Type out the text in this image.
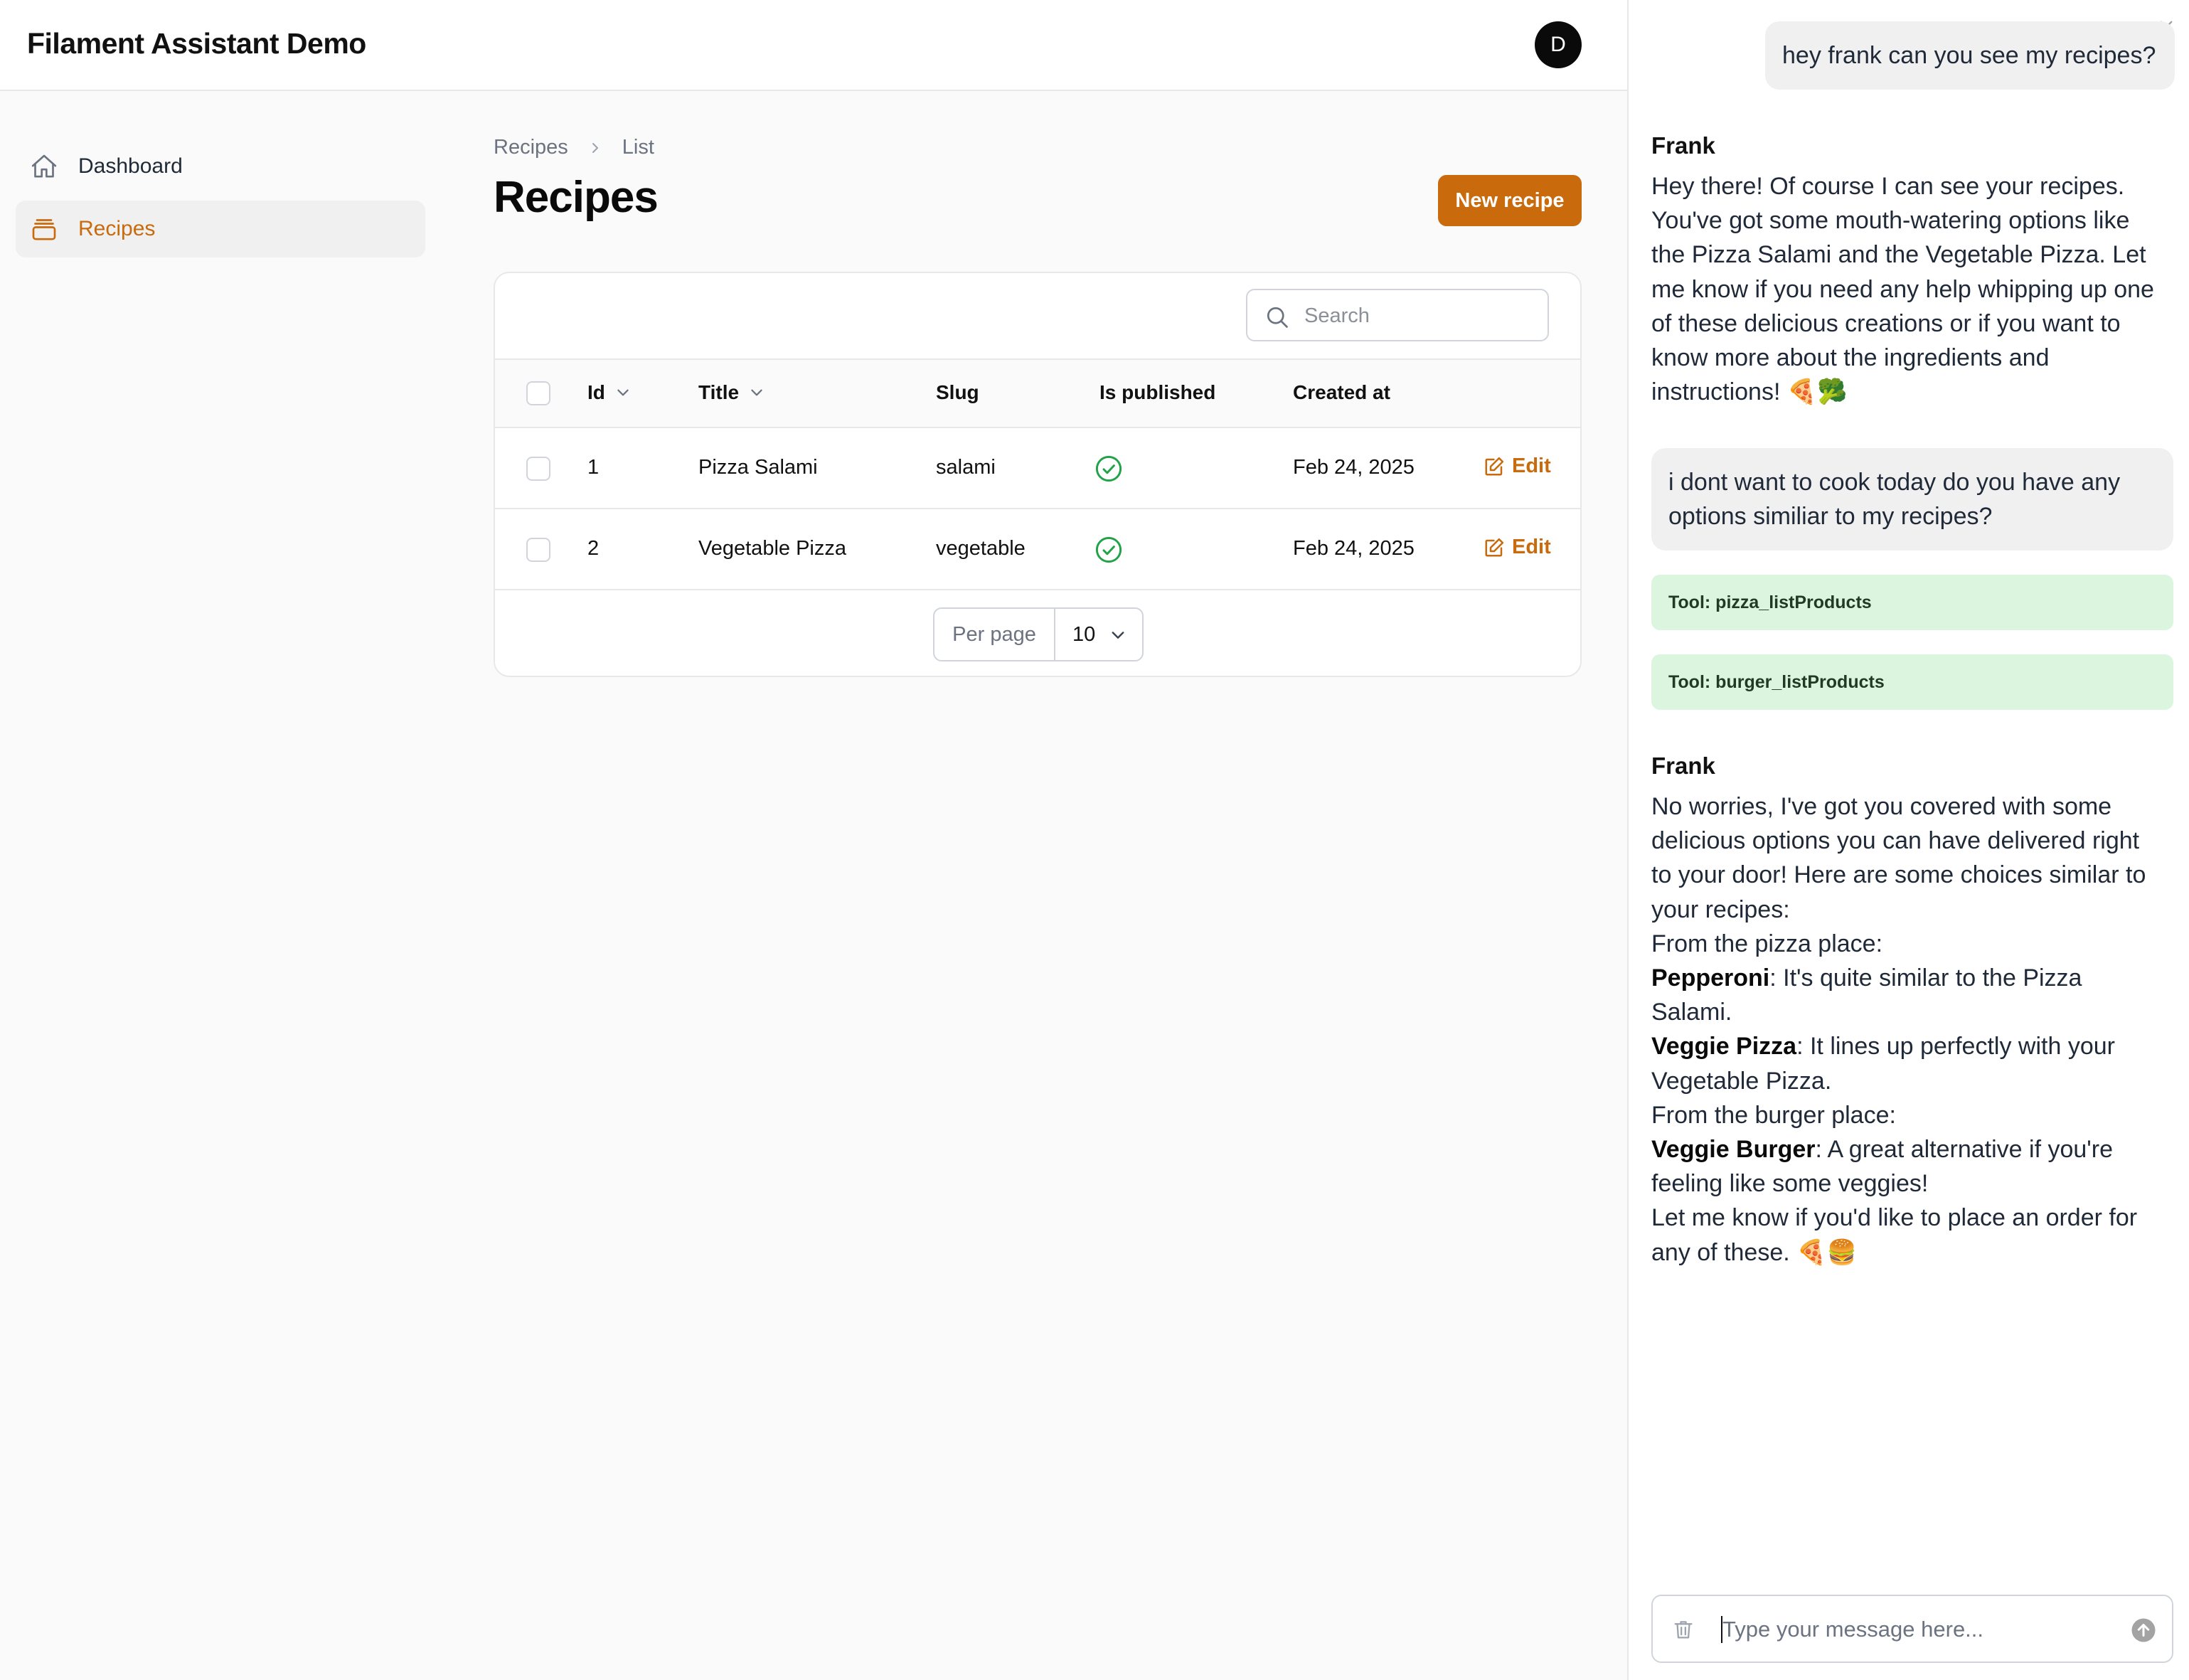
Filament Assistant Demo	D
Dashboard
Recipes
Recipes	List
Recipes	New recipe
Search
Id	Title	Slug	Is published	Created at
1	Pizza Salami	salami	Feb 24, 2025	Edit
2	Vegetable Pizza	vegetable	Feb 24, 2025	Edit
Per page	10
hey frank can you see my recipes?
Frank
Hey there! Of course I can see your recipes. You've got some mouth-watering options like the Pizza Salami and the Vegetable Pizza. Let me know if you need any help whipping up one of these delicious creations or if you want to know more about the ingredients and instructions! 🍕🥦
i dont want to cook today do you have any options similiar to my recipes?
Tool: pizza_listProducts
Tool: burger_listProducts
Frank
No worries, I've got you covered with some delicious options you can have delivered right to your door! Here are some choices similar to your recipes:
From the pizza place:
Pepperoni: It's quite similar to the Pizza Salami.
Veggie Pizza: It lines up perfectly with your Vegetable Pizza.
From the burger place:
Veggie Burger: A great alternative if you're feeling like some veggies!
Let me know if you'd like to place an order for any of these. 🍕🍔
Type your message here...
